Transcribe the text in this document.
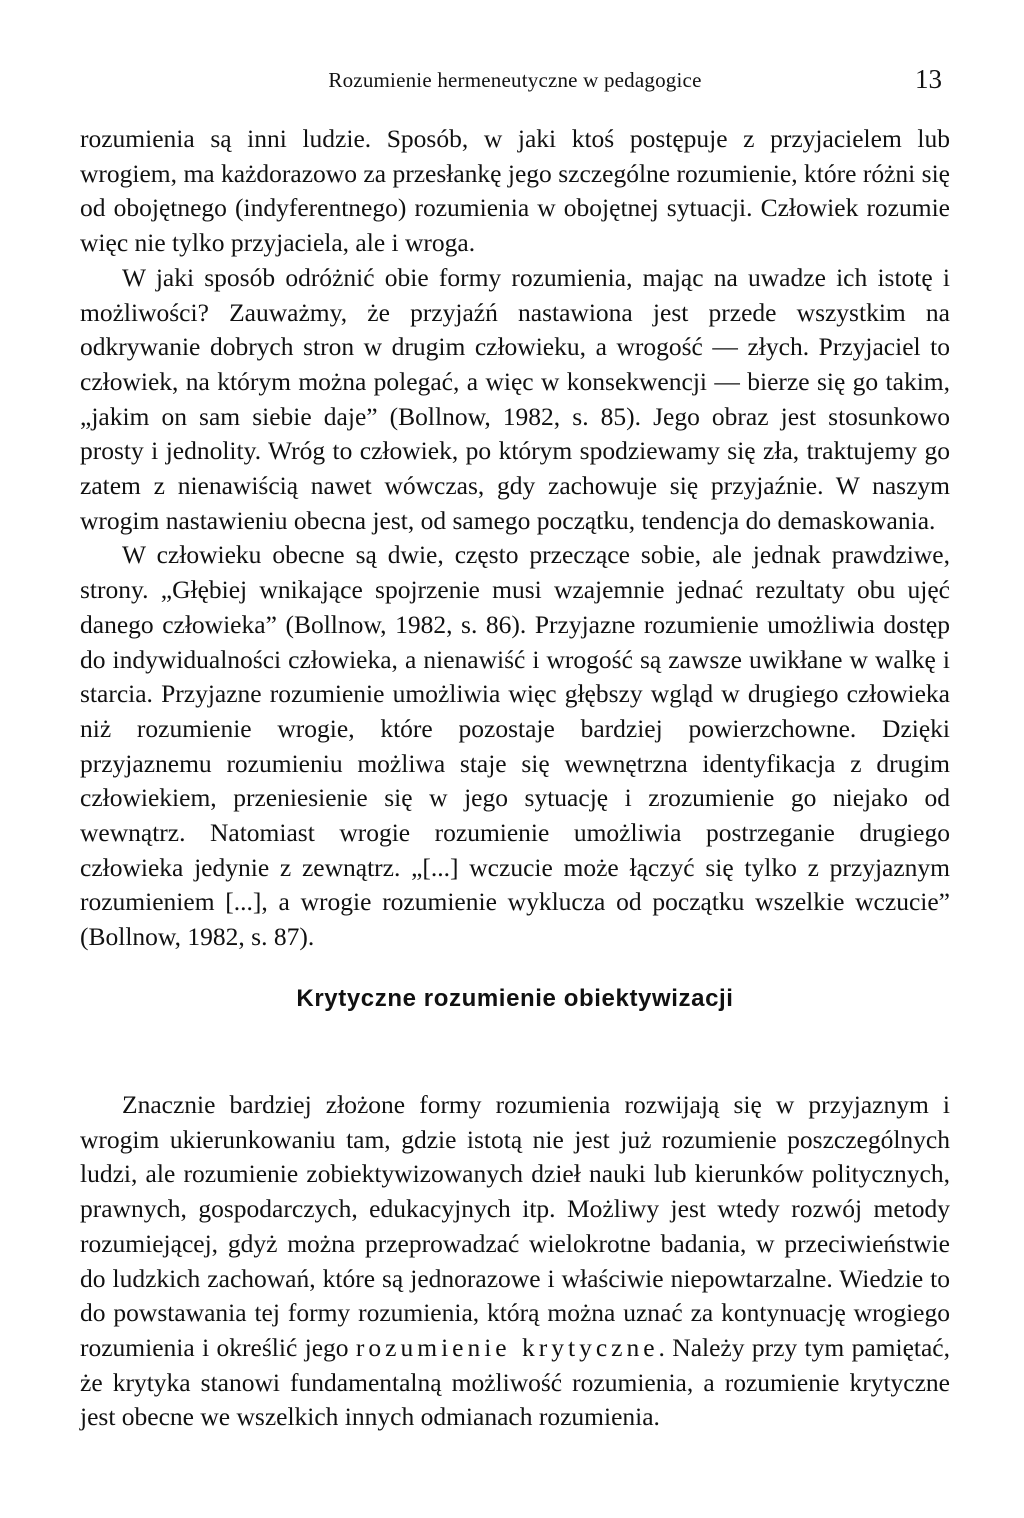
Rozumienie hermeneutyczne w pedagogice	13

rozumienia są inni ludzie. Sposób, w jaki ktoś postępuje z przyjacielem lub wrogiem, ma każdorazowo za przesłankę jego szczególne rozumienie, które różni się od obojętnego (indyferentnego) rozumienia w obojętnej sytuacji. Człowiek rozumie więc nie tylko przyjaciela, ale i wroga.

W jaki sposób odróżnić obie formy rozumienia, mając na uwadze ich istotę i możliwości? Zauważmy, że przyjaźń nastawiona jest przede wszystkim na odkrywanie dobrych stron w drugim człowieku, a wrogość — złych. Przyjaciel to człowiek, na którym można polegać, a więc w konsekwencji — bierze się go takim, „jakim on sam siebie daje” (Bollnow, 1982, s. 85). Jego obraz jest stosunkowo prosty i jednolity. Wróg to człowiek, po którym spodziewamy się zła, traktujemy go zatem z nienawiścią nawet wówczas, gdy zachowuje się przyjaźnie. W naszym wrogim nastawieniu obecna jest, od samego początku, tendencja do demaskowania.

W człowieku obecne są dwie, często przeczące sobie, ale jednak prawdziwe, strony. „Głębiej wnikające spojrzenie musi wzajemnie jednać rezultaty obu ujęć danego człowieka” (Bollnow, 1982, s. 86). Przyjazne rozumienie umożliwia dostęp do indywidualności człowieka, a nienawiść i wrogość są zawsze uwikłane w walkę i starcia. Przyjazne rozumienie umożliwia więc głębszy wgląd w drugiego człowieka niż rozumienie wrogie, które pozostaje bardziej powierzchowne. Dzięki przyjaznemu rozumieniu możliwa staje się wewnętrzna identyfikacja z drugim człowiekiem, przeniesienie się w jego sytuację i zrozumienie go niejako od wewnątrz. Natomiast wrogie rozumienie umożliwia postrzeganie drugiego człowieka jedynie z zewnątrz. „[...] wczucie może łączyć się tylko z przyjaznym rozumieniem [...], a wrogie rozumienie wyklucza od początku wszelkie wczucie” (Bollnow, 1982, s. 87).

Krytyczne rozumienie obiektywizacji

Znacznie bardziej złożone formy rozumienia rozwijają się w przyjaznym i wrogim ukierunkowaniu tam, gdzie istotą nie jest już rozumienie poszczególnych ludzi, ale rozumienie zobiektywizowanych dzieł nauki lub kierunków politycznych, prawnych, gospodarczych, edukacyjnych itp. Możliwy jest wtedy rozwój metody rozumiejącej, gdyż można przeprowadzać wielokrotne badania, w przeciwieństwie do ludzkich zachowań, które są jednorazowe i właściwie niepowtarzalne. Wiedzie to do powstawania tej formy rozumienia, którą można uznać za kontynuację wrogiego rozumienia i określić jego rozumienie krytyczne. Należy przy tym pamiętać, że krytyka stanowi fundamentalną możliwość rozumienia, a rozumienie krytyczne jest obecne we wszelkich innych odmianach rozumienia.
